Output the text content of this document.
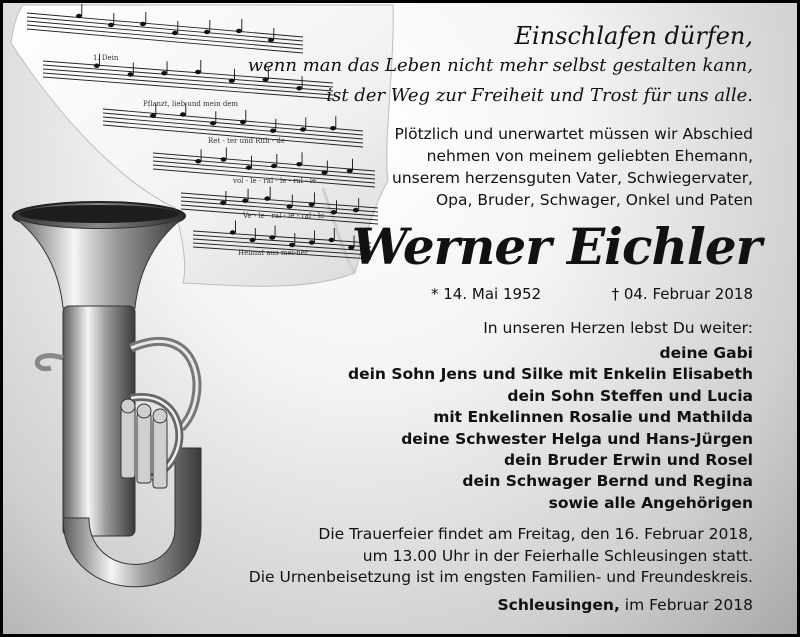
1. Dein
Pflanzt, lieb und mein dem
Ret - ter und Ruh - de
vol - le - ral - le - ral - le
Ve - le - ral - le - ral - le
Heimat aus mei-ner
Einschlafen dürfen,
wenn man das Leben nicht mehr selbst gestalten kann,
ist der Weg zur Freiheit und Trost für uns alle.
Plötzlich und unerwartet müssen wir Abschied
nehmen von meinem geliebten Ehemann,
unserem herzensguten Vater, Schwiegervater,
Opa, Bruder, Schwager, Onkel und Paten
Werner Eichler
* 14. Mai 1952	† 04. Februar 2018
In unseren Herzen lebst Du weiter:
deine Gabi
dein Sohn Jens und Silke mit Enkelin Elisabeth
dein Sohn Steffen und Lucia
mit Enkelinnen Rosalie und Mathilda
deine Schwester Helga und Hans-Jürgen
dein Bruder Erwin und Rosel
dein Schwager Bernd und Regina
sowie alle Angehörigen
Die Trauerfeier findet am Freitag, den 16. Februar 2018,
um 13.00 Uhr in der Feierhalle Schleusingen statt.
Die Urnenbeisetzung ist im engsten Familien- und Freundeskreis.
Schleusingen, im Februar 2018
